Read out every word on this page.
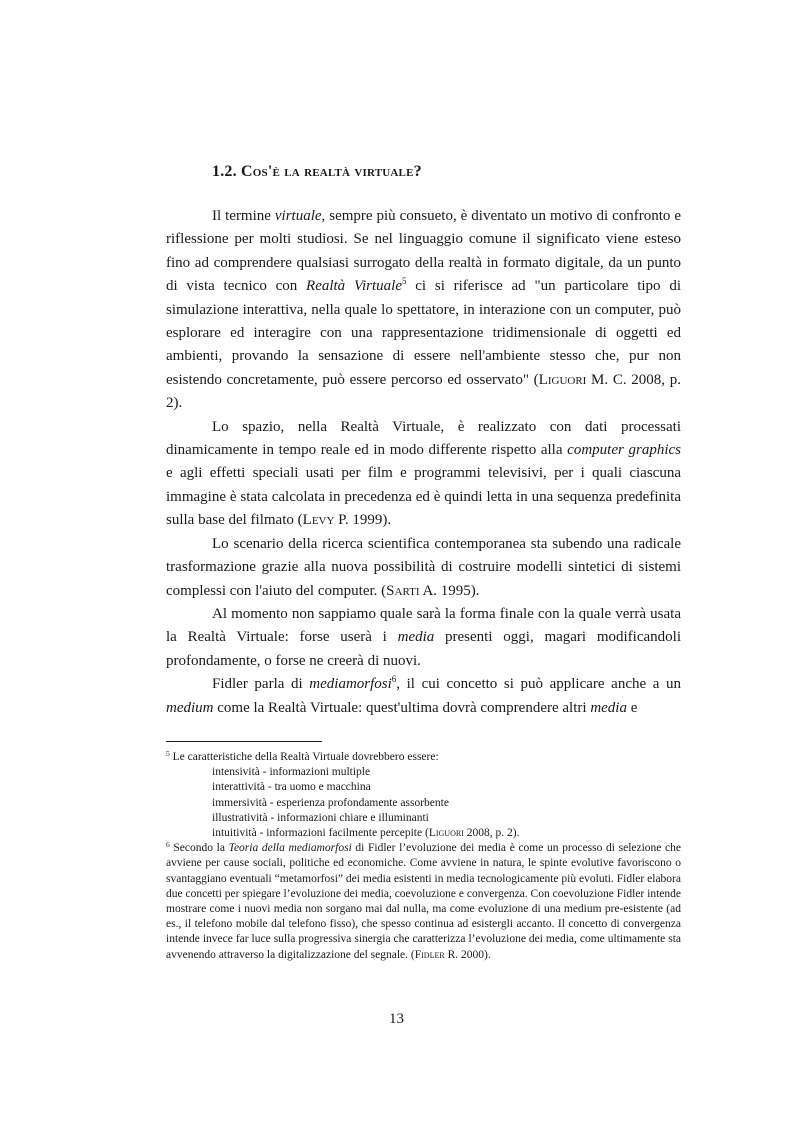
1.2. Cos'è la realtà virtuale?

Il termine virtuale, sempre più consueto, è diventato un motivo di confronto e riflessione per molti studiosi. Se nel linguaggio comune il significato viene esteso fino ad comprendere qualsiasi surrogato della realtà in formato digitale, da un punto di vista tecnico con Realtà Virtuale$^5$ ci si riferisce ad "un particolare tipo di simulazione interattiva, nella quale lo spettatore, in interazione con un computer, può esplorare ed interagire con una rappresentazione tridimensionale di oggetti ed ambienti, provando la sensazione di essere nell'ambiente stesso che, pur non esistendo concretamente, può essere percorso ed osservato" (Liguori M. C. 2008, p. 2).

Lo spazio, nella Realtà Virtuale, è realizzato con dati processati dinamicamente in tempo reale ed in modo differente rispetto alla computer graphics e agli effetti speciali usati per film e programmi televisivi, per i quali ciascuna immagine è stata calcolata in precedenza ed è quindi letta in una sequenza predefinita sulla base del filmato (Levy P. 1999).

Lo scenario della ricerca scientifica contemporanea sta subendo una radicale trasformazione grazie alla nuova possibilità di costruire modelli sintetici di sistemi complessi con l'aiuto del computer. (Sarti A. 1995).

Al momento non sappiamo quale sarà la forma finale con la quale verrà usata la Realtà Virtuale: forse userà i media presenti oggi, magari modificandoli profondamente, o forse ne creerà di nuovi.

Fidler parla di mediamorfosi$^6$, il cui concetto si può applicare anche a un medium come la Realtà Virtuale: quest'ultima dovrà comprendere altri media e

$^5$ Le caratteristiche della Realtà Virtuale dovrebbero essere:

intensività - informazioni multiple

interattività - tra uomo e macchina

immersività - esperienza profondamente assorbente

illustratività - informazioni chiare e illuminanti

intuitività - informazioni facilmente percepite (Liguori 2008, p. 2).

$^6$ Secondo la Teoria della mediamorfosi di Fidler l’evoluzione dei media è come un processo di selezione che avviene per cause sociali, politiche ed economiche. Come avviene in natura, le spinte evolutive favoriscono o svantaggiano eventuali “metamorfosi” dei media esistenti in media tecnologicamente più evoluti. Fidler elabora due concetti per spiegare l’evoluzione dei media, coevoluzione e convergenza. Con coevoluzione Fidler intende mostrare come i nuovi media non sorgano mai dal nulla, ma come evoluzione di una medium pre-esistente (ad es., il telefono mobile dal telefono fisso), che spesso continua ad esistergli accanto. Il concetto di convergenza intende invece far luce sulla progressiva sinergia che caratterizza l’evoluzione dei media, come ultimamente sta avvenendo attraverso la digitalizzazione del segnale. (Fidler R. 2000).

13
